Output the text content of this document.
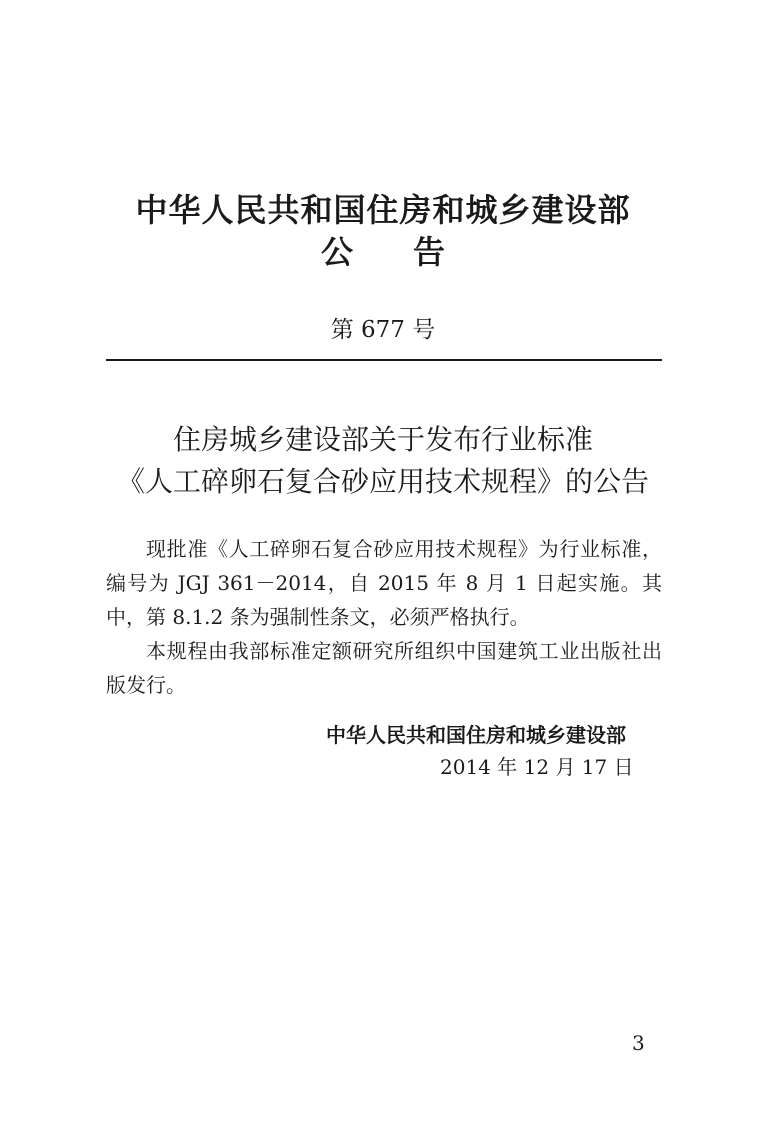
中华人民共和国住房和城乡建设部
公告
第 677 号
住房城乡建设部关于发布行业标准
《人工碎卵石复合砂应用技术规程》的公告
现批准《人工碎卵石复合砂应用技术规程》为行业标准，编号为 JGJ 361－2014，自 2015 年 8 月 1 日起实施。其中，第 8.1.2 条为强制性条文，必须严格执行。
本规程由我部标准定额研究所组织中国建筑工业出版社出版发行。
中华人民共和国住房和城乡建设部
2014 年 12 月 17 日
3
